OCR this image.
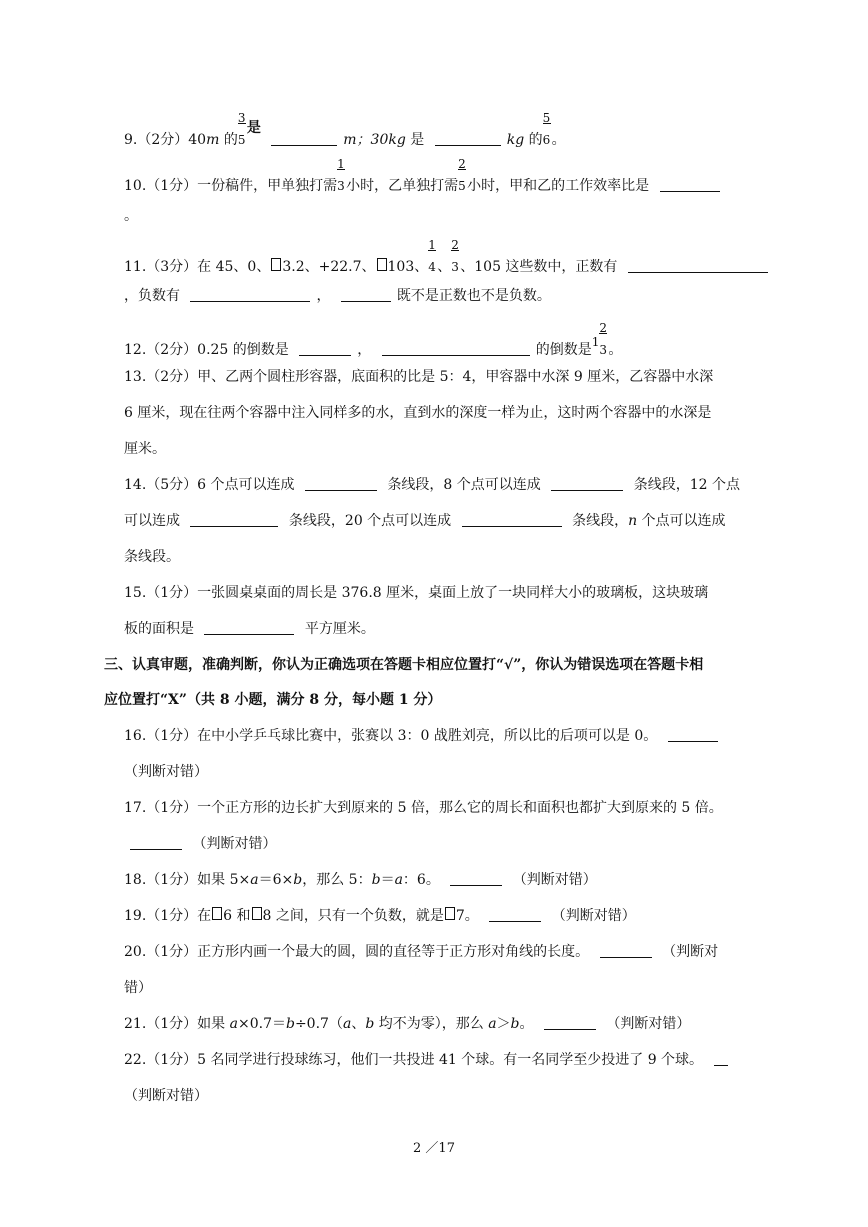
9.（2分）40m 的 $\frac{3}{5}$
是 m；30kg 是	kg 的 $\frac{5}{6}$ 。
10.（1分）一份稿件，甲单独打需 $\frac{1}{3}$ 小时，乙单独打需 $\frac{2}{5}$ 小时，甲和乙的工作效率比是
。
11.（3分）在 45、0、 3.2、+22.7、 103、 $\frac{1}{4}$ 、 $\frac{2}{3}$ 、105 这些数中，正数有
，负数有	，	既不是正数也不是负数。
12.（2分）0.25 的倒数是	，	的倒数是$1 \frac{2}{3}$ 。
13.（2分）甲、乙两个圆柱形容器，底面积的比是 5：4，甲容器中水深 9 厘米，乙容器中水深
6 厘米，现在往两个容器中注入同样多的水，直到水的深度一样为止，这时两个容器中的水深是
厘米。
14.（5分）6 个点可以连成	条线段，8 个点可以连成	条线段，12 个点
可以连成	条线段，20 个点可以连成	条线段，n 个点可以连成
条线段。
15.（1分）一张圆桌桌面的周长是 376.8 厘米，桌面上放了一块同样大小的玻璃板，这块玻璃
板的面积是	平方厘米。
三、认真审题，准确判断，你认为正确选项在答题卡相应位置打“√”，你认为错误选项在答题卡相
应位置打“X”（共 8 小题，满分 8 分，每小题 1 分）
16.（1分）在中小学乒乓球比赛中，张赛以 3：0 战胜刘亮，所以比的后项可以是 0。
（判断对错）
17.（1分）一个正方形的边长扩大到原来的 5 倍，那么它的周长和面积也都扩大到原来的 5 倍。
（判断对错）
18.（1分）如果 5×a＝6×b，那么 5：b＝a：6。	（判断对错）
19.（1分）在 6 和 8 之间，只有一个负数，就是 7。	（判断对错）
20.（1分）正方形内画一个最大的圆，圆的直径等于正方形对角线的长度。	（判断对
错）
21.（1分）如果 a×0.7＝b÷0.7（a、b 均不为零），那么 a＞b。	（判断对错）
22.（1分）5 名同学进行投球练习，他们一共投进 41 个球。有一名同学至少投进了 9 个球。
（判断对错）
2 ／17
